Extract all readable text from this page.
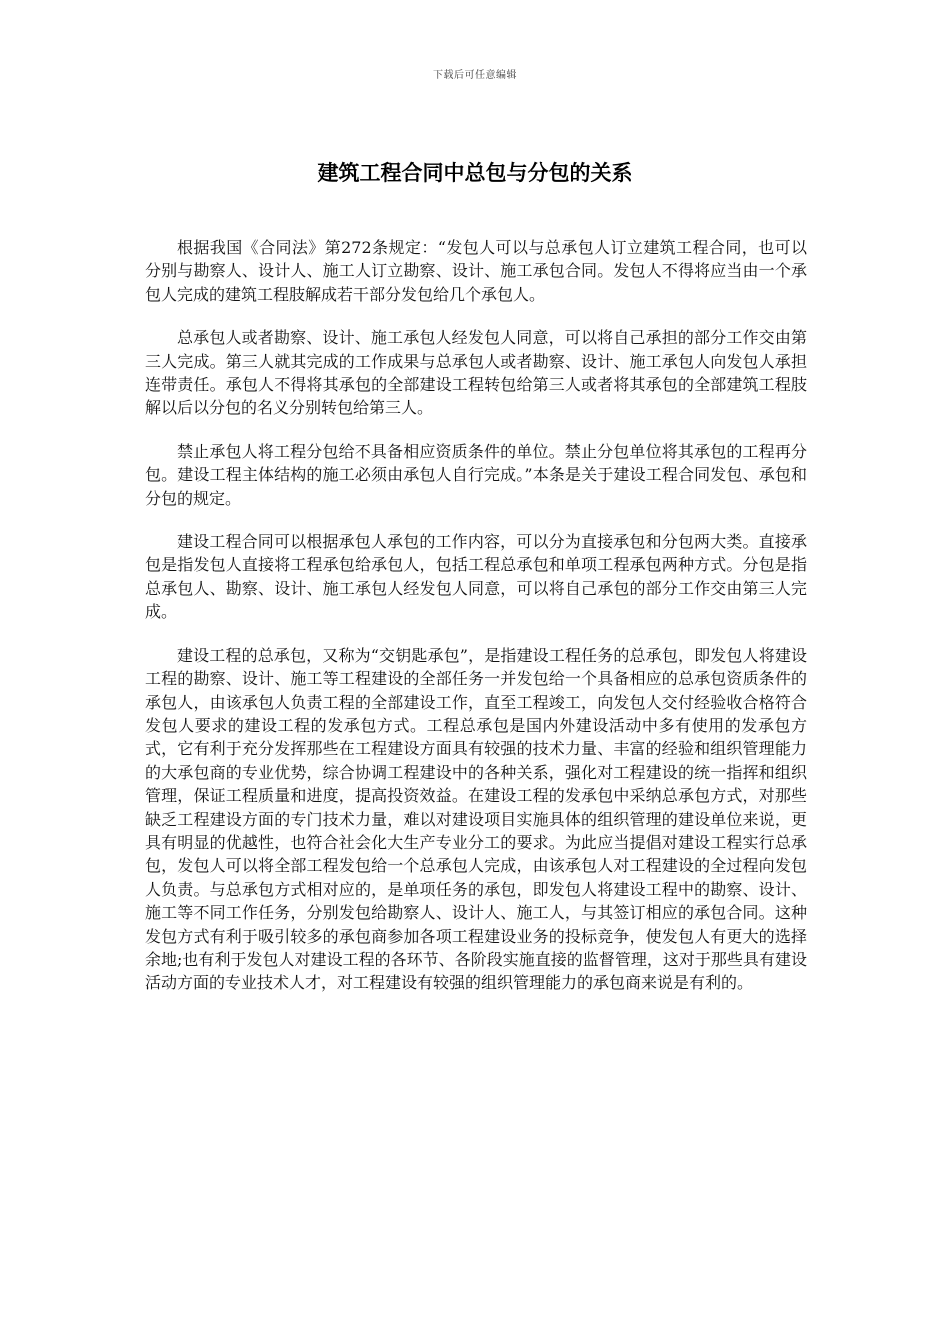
下载后可任意编辑
建筑工程合同中总包与分包的关系

根据我国《合同法》第272条规定：“发包人可以与总承包人订立建筑工程合同，也可以分别与勘察人、设计人、施工人订立勘察、设计、施工承包合同。发包人不得将应当由一个承包人完成的建筑工程肢解成若干部分发包给几个承包人。

总承包人或者勘察、设计、施工承包人经发包人同意，可以将自己承担的部分工作交由第三人完成。第三人就其完成的工作成果与总承包人或者勘察、设计、施工承包人向发包人承担连带责任。承包人不得将其承包的全部建设工程转包给第三人或者将其承包的全部建筑工程肢解以后以分包的名义分别转包给第三人。

禁止承包人将工程分包给不具备相应资质条件的单位。禁止分包单位将其承包的工程再分包。建设工程主体结构的施工必须由承包人自行完成。”本条是关于建设工程合同发包、承包和分包的规定。

建设工程合同可以根据承包人承包的工作内容，可以分为直接承包和分包两大类。直接承包是指发包人直接将工程承包给承包人，包括工程总承包和单项工程承包两种方式。分包是指总承包人、勘察、设计、施工承包人经发包人同意，可以将自己承包的部分工作交由第三人完成。

建设工程的总承包，又称为“交钥匙承包”，是指建设工程任务的总承包，即发包人将建设工程的勘察、设计、施工等工程建设的全部任务一并发包给一个具备相应的总承包资质条件的承包人，由该承包人负责工程的全部建设工作，直至工程竣工，向发包人交付经验收合格符合发包人要求的建设工程的发承包方式。工程总承包是国内外建设活动中多有使用的发承包方式，它有利于充分发挥那些在工程建设方面具有较强的技术力量、丰富的经验和组织管理能力的大承包商的专业优势，综合协调工程建设中的各种关系，强化对工程建设的统一指挥和组织管理，保证工程质量和进度，提高投资效益。在建设工程的发承包中采纳总承包方式，对那些缺乏工程建设方面的专门技术力量，难以对建设项目实施具体的组织管理的建设单位来说，更具有明显的优越性，也符合社会化大生产专业分工的要求。为此应当提倡对建设工程实行总承包，发包人可以将全部工程发包给一个总承包人完成，由该承包人对工程建设的全过程向发包人负责。与总承包方式相对应的，是单项任务的承包，即发包人将建设工程中的勘察、设计、施工等不同工作任务，分别发包给勘察人、设计人、施工人，与其签订相应的承包合同。这种发包方式有利于吸引较多的承包商参加各项工程建设业务的投标竞争，使发包人有更大的选择余地;也有利于发包人对建设工程的各环节、各阶段实施直接的监督管理，这对于那些具有建设活动方面的专业技术人才，对工程建设有较强的组织管理能力的承包商来说是有利的。
